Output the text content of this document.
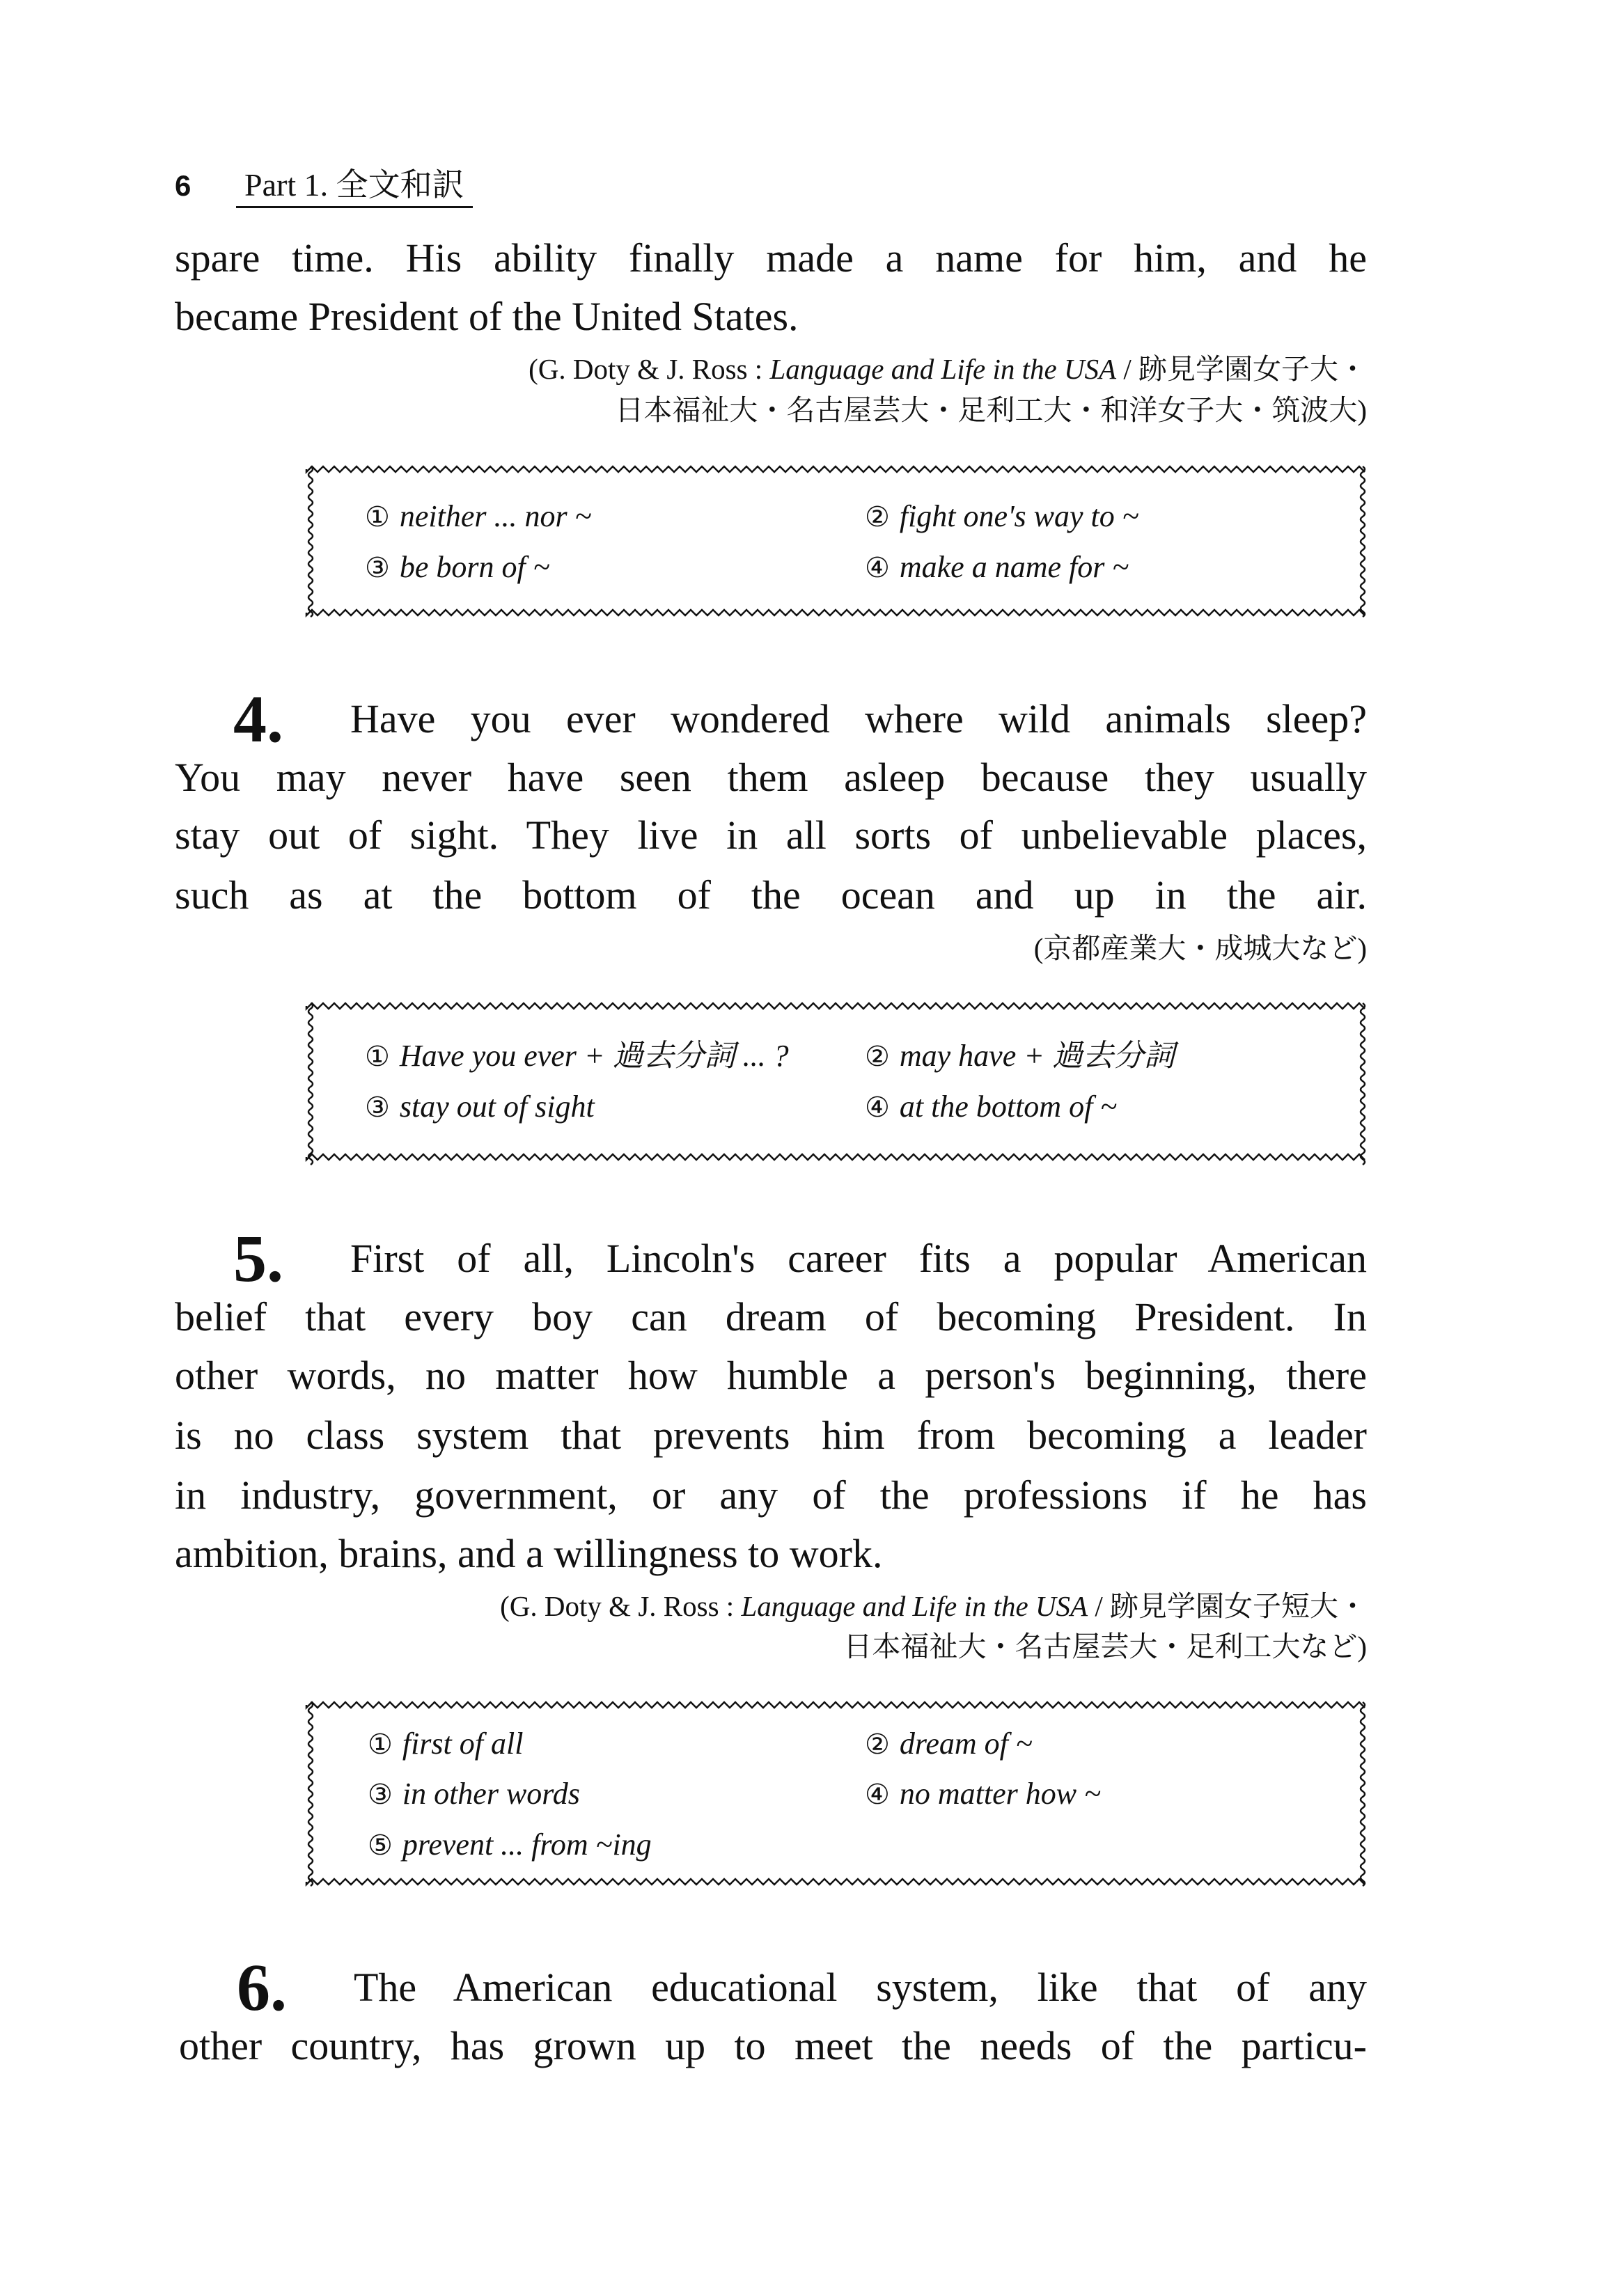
6 Part 1. 全文和訳
spare time. His ability finally made a name for him, and he
became President of the United States.
(G. Doty & J. Ross : Language and Life in the USA / 跡見学園女子大・
日本福祉大・名古屋芸大・足利工大・和洋女子大・筑波大)
① neither ... nor ~	② fight one's way to ~
③ be born of ~	④ make a name for ~
4. Have you ever wondered where wild animals sleep?
You may never have seen them asleep because they usually
stay out of sight. They live in all sorts of unbelievable places,
such as at the bottom of the ocean and up in the air.
(京都産業大・成城大など)
① Have you ever + 過去分詞 ... ?	② may have + 過去分詞
③ stay out of sight	④ at the bottom of ~
5. First of all, Lincoln's career fits a popular American
belief that every boy can dream of becoming President. In
other words, no matter how humble a person's beginning, there
is no class system that prevents him from becoming a leader
in industry, government, or any of the professions if he has
ambition, brains, and a willingness to work.
(G. Doty & J. Ross : Language and Life in the USA / 跡見学園女子短大・
日本福祉大・名古屋芸大・足利工大など)
① first of all	② dream of ~
③ in other words	④ no matter how ~
⑤ prevent ... from ~ing
6. The American educational system, like that of any
other country, has grown up to meet the needs of the particu-
